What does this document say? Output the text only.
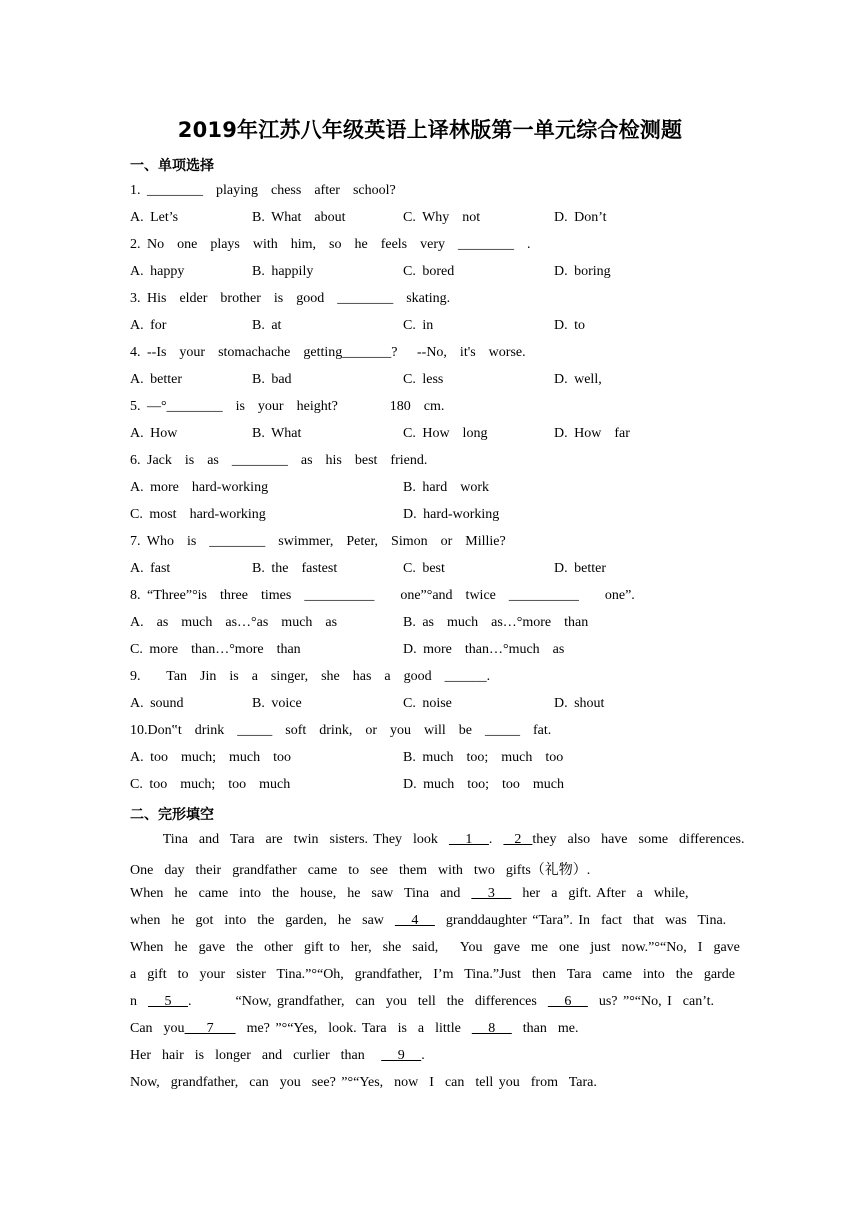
2019年江苏八年级英语上译林版第一单元综合检测题
一、单项选择
1. ________  playing  chess  after  school?
A. Let’s	B. What  about	C. Why  not	D. Don’t
2. No  one  plays  with  him,  so  he  feels  very  ________  .
A. happy	B. happily	C. bored	D. boring
3. His  elder  brother  is  good  ________  skating.
A. for	B. at	C. in	D. to
4. --Is  your  stomachache  getting_______?   --No,  it's  worse.
A. better	B. bad	C. less	D. well,
5. —°________  is  your  height?        180  cm.
A. How	B. What	C. How  long	D. How  far
6. Jack  is  as  ________  as  his  best  friend.
A. more  hard-working	B. hard  work
C. most  hard-working	D. hard-working
7. Who  is  ________  swimmer,  Peter,  Simon  or  Millie?
A. fast	B. the  fastest	C. best	D. better
8. “Three”°is  three  times  __________    one”°and  twice  __________    one”.
A.  as  much  as…°as  much  as	B. as  much  as…°more  than
C. more  than…°more  than	D. more  than…°much  as
9.    Tan  Jin  is  a  singer,  she  has  a  good  ______.
A. sound	B. voice	C. noise	D. shout
10.Don‟t  drink  _____  soft  drink,  or  you  will  be  _____  fat.
A. too  much;  much  too	B. much  too;  much  too
C. too  much;  too  much	D. much  too;  too  much
二、完形填空
Tina  and  Tara  are  twin  sisters. They  look     1   .    2  they  also  have  some  differences.
One  day  their  grandfather  came  to  see  them  with  two  gifts（礼物）.
When  he  came  into  the  house,  he  saw  Tina  and     3     her  a  gift. After  a  while,
when  he  got  into  the  garden,  he  saw     4     granddaughter “Tara”. In  fact  that  was  Tina.
When  he  gave  the  other  gift to  her,  she  said,    You  gave  me  one  just  now.”°“No,  I  gave
a  gift  to  your  sister  Tina.”°“Oh,  grandfather,  I’m  Tina.”Just  then  Tara  came  into  the  garde
n     5   .        “Now, grandfather,  can  you  tell  the  differences     6     us? ”°“No, I  can’t.
Can  you    7      me? ”°“Yes,  look. Tara  is  a  little     8     than  me.
Her  hair  is  longer  and  curlier  than      9   .
Now,  grandfather,  can  you  see? ”°“Yes,  now  I  can  tell you  from  Tara.
